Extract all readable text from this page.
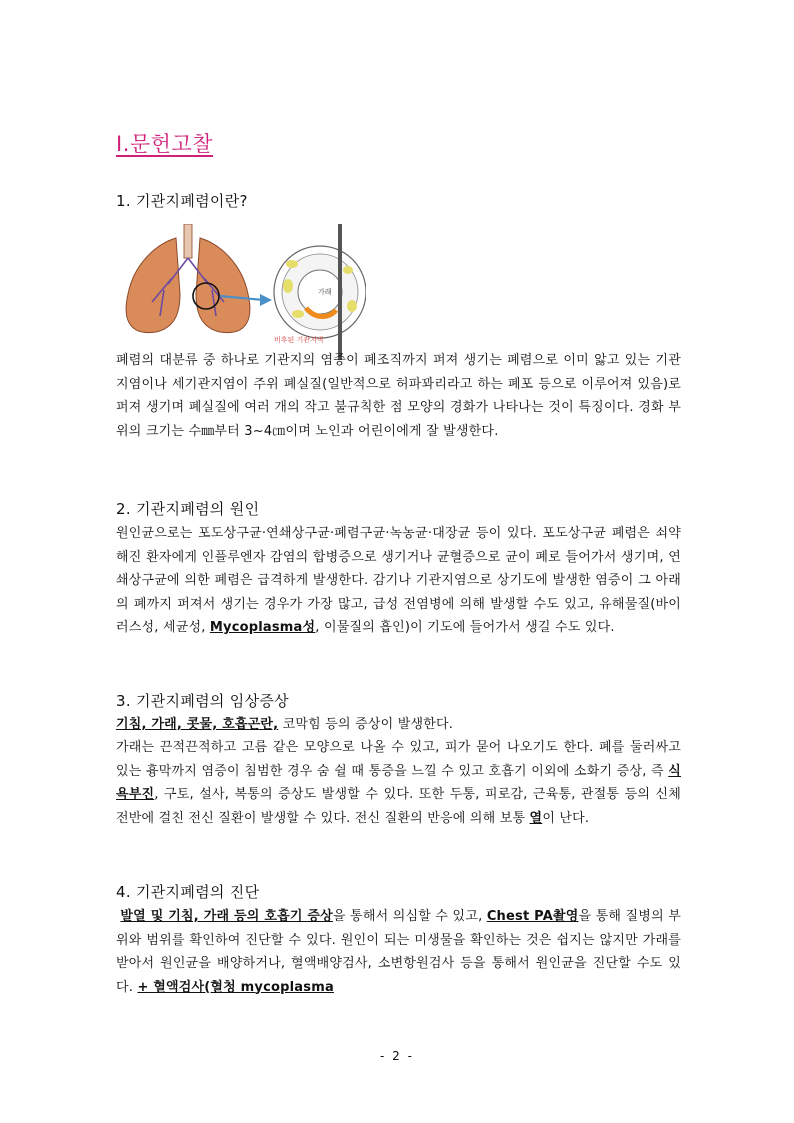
Ⅰ.문헌고찰
1. 기관지폐렴이란?
가래
비후된 기관지벽

폐렴의 대분류 중 하나로 기관지의 염증이 폐조직까지 퍼져 생기는 폐렴으로 이미 앓고 있는 기관지염이나 세기관지염이 주위 폐실질(일반적으로 허파꽈리라고 하는 폐포 등으로 이루어져 있음)로 퍼져 생기며 폐실질에 여러 개의 작고 불규칙한 점 모양의 경화가 나타나는 것이 특징이다. 경화 부위의 크기는 수㎜부터 3~4㎝이며 노인과 어린이에게 잘 발생한다.

2. 기관지폐렴의 원인

원인균으로는 포도상구균·연쇄상구균·폐렴구균·녹농균·대장균 등이 있다. 포도상구균 폐렴은 쇠약해진 환자에게 인플루엔자 감염의 합병증으로 생기거나 균혈증으로 균이 폐로 들어가서 생기며, 연쇄상구균에 의한 폐렴은 급격하게 발생한다. 감기나 기관지염으로 상기도에 발생한 염증이 그 아래의 폐까지 퍼져서 생기는 경우가 가장 많고, 급성 전염병에 의해 발생할 수도 있고, 유해물질(바이러스성, 세균성, Mycoplasma성, 이물질의 흡인)이 기도에 들어가서 생길 수도 있다.

3. 기관지폐렴의 임상증상

기침, 가래, 콧물, 호흡곤란, 코막힘 등의 증상이 발생한다.

가래는 끈적끈적하고 고름 같은 모양으로 나올 수 있고, 피가 묻어 나오기도 한다. 폐를 둘러싸고 있는 흉막까지 염증이 침범한 경우 숨 쉴 때 통증을 느낄 수 있고 호흡기 이외에 소화기 증상, 즉 식욕부진, 구토, 설사, 복통의 증상도 발생할 수 있다. 또한 두통, 피로감, 근육통, 관절통 등의 신체 전반에 걸친 전신 질환이 발생할 수 있다. 전신 질환의 반응에 의해 보통 열이 난다.

4. 기관지폐렴의 진단

발열 및 기침, 가래 등의 호흡기 증상을 통해서 의심할 수 있고, Chest PA촬영을 통해 질병의 부위와 범위를 확인하여 진단할 수 있다. 원인이 되는 미생물을 확인하는 것은 쉽지는 않지만 가래를 받아서 원인균을 배양하거나, 혈액배양검사, 소변항원검사 등을 통해서 원인균을 진단할 수도 있다. + 혈액검사(혈청 mycoplasma

- 2 -
